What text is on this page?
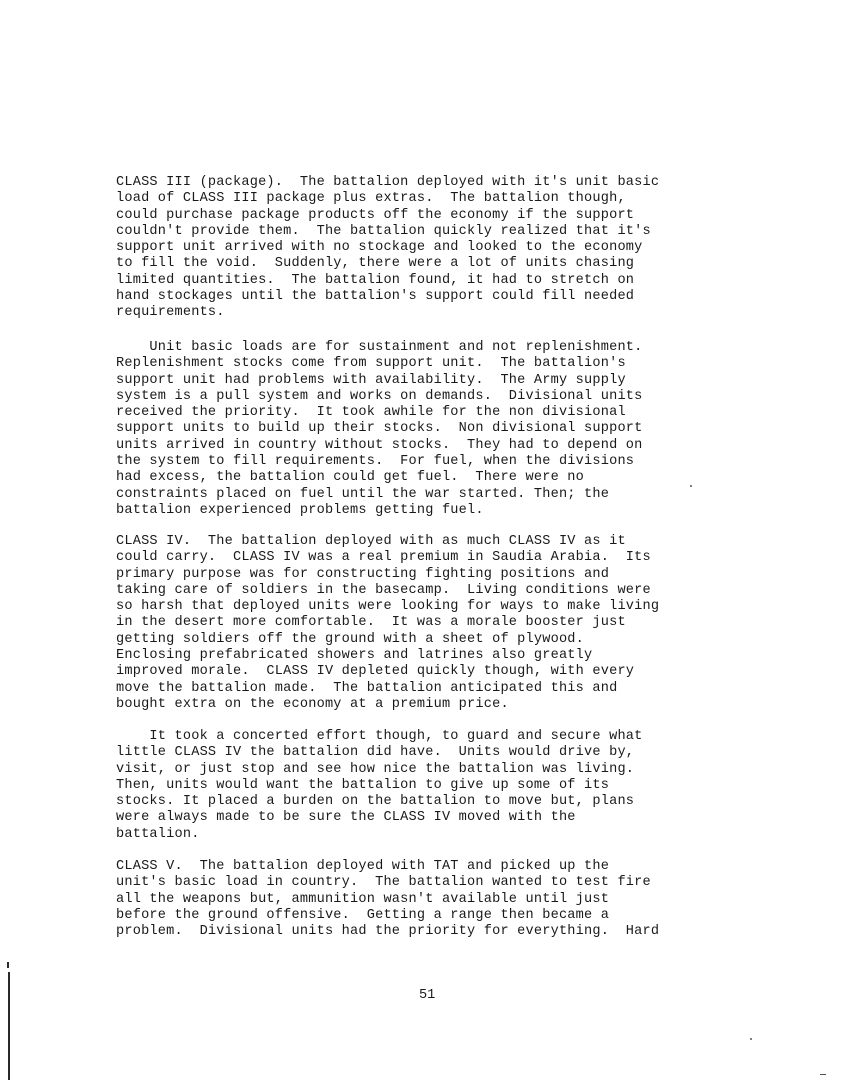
CLASS III (package).  The battalion deployed with it's unit basic
load of CLASS III package plus extras.  The battalion though,
could purchase package products off the economy if the support
couldn't provide them.  The battalion quickly realized that it's
support unit arrived with no stockage and looked to the economy
to fill the void.  Suddenly, there were a lot of units chasing
limited quantities.  The battalion found, it had to stretch on
hand stockages until the battalion's support could fill needed
requirements.
Unit basic loads are for sustainment and not replenishment.
Replenishment stocks come from support unit.  The battalion's
support unit had problems with availability.  The Army supply
system is a pull system and works on demands.  Divisional units
received the priority.  It took awhile for the non divisional
support units to build up their stocks.  Non divisional support
units arrived in country without stocks.  They had to depend on
the system to fill requirements.  For fuel, when the divisions
had excess, the battalion could get fuel.  There were no
constraints placed on fuel until the war started. Then; the
battalion experienced problems getting fuel.
CLASS IV.  The battalion deployed with as much CLASS IV as it
could carry.  CLASS IV was a real premium in Saudia Arabia.  Its
primary purpose was for constructing fighting positions and
taking care of soldiers in the basecamp.  Living conditions were
so harsh that deployed units were looking for ways to make living
in the desert more comfortable.  It was a morale booster just
getting soldiers off the ground with a sheet of plywood.
Enclosing prefabricated showers and latrines also greatly
improved morale.  CLASS IV depleted quickly though, with every
move the battalion made.  The battalion anticipated this and
bought extra on the economy at a premium price.
It took a concerted effort though, to guard and secure what
little CLASS IV the battalion did have.  Units would drive by,
visit, or just stop and see how nice the battalion was living.
Then, units would want the battalion to give up some of its
stocks. It placed a burden on the battalion to move but, plans
were always made to be sure the CLASS IV moved with the
battalion.
CLASS V.  The battalion deployed with TAT and picked up the
unit's basic load in country.  The battalion wanted to test fire
all the weapons but, ammunition wasn't available until just
before the ground offensive.  Getting a range then became a
problem.  Divisional units had the priority for everything.  Hard
51
